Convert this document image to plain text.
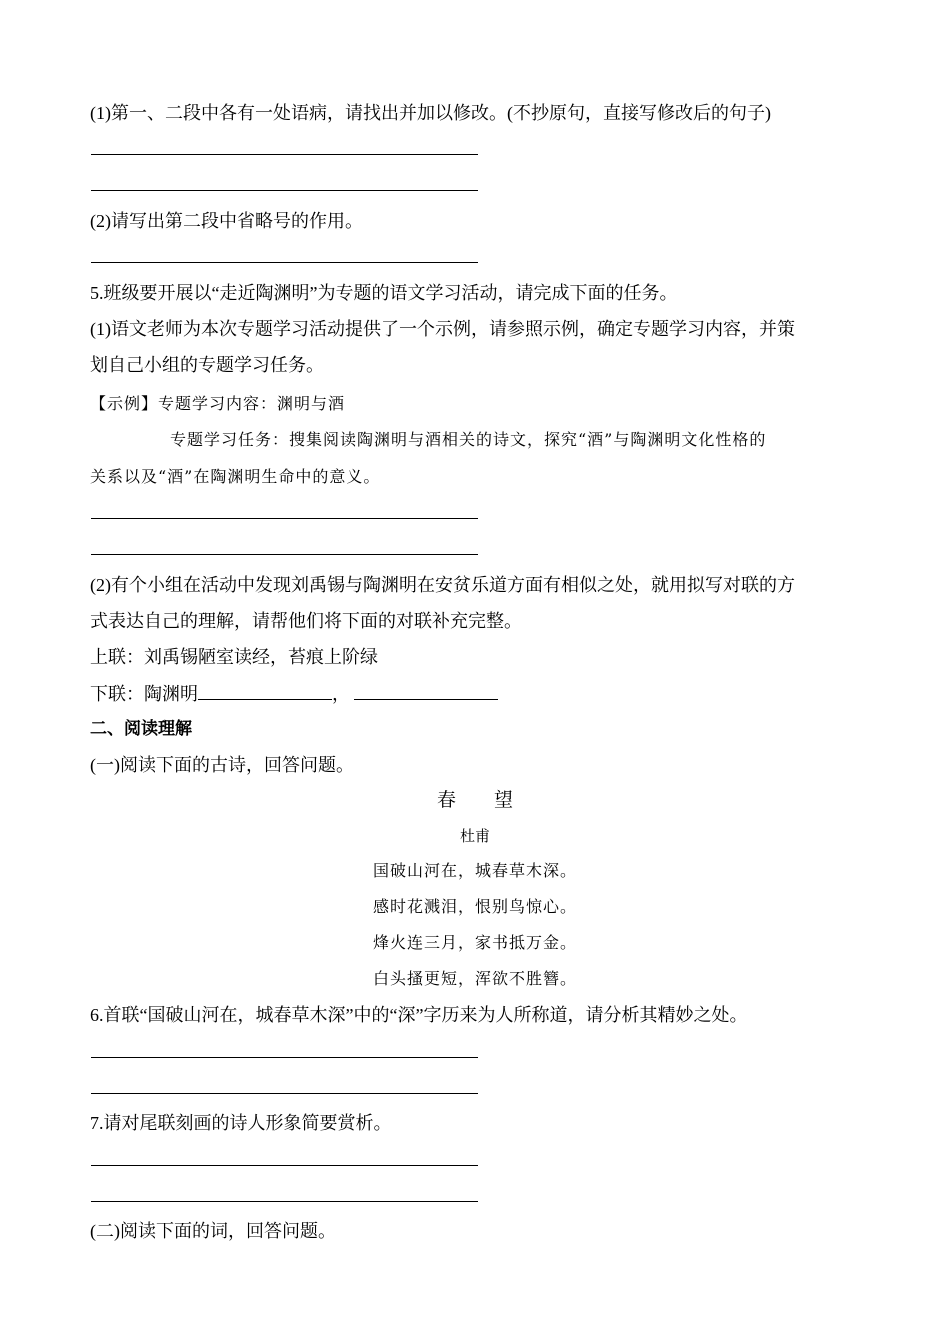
(1)第一、二段中各有一处语病，请找出并加以修改。(不抄原句，直接写修改后的句子)
(2)请写出第二段中省略号的作用。
5.班级要开展以“走近陶渊明”为专题的语文学习活动，请完成下面的任务。
(1)语文老师为本次专题学习活动提供了一个示例，请参照示例，确定专题学习内容，并策
划自己小组的专题学习任务。
【示例】专题学习内容：渊明与酒
专题学习任务：搜集阅读陶渊明与酒相关的诗文，探究“酒”与陶渊明文化性格的
关系以及“酒”在陶渊明生命中的意义。
(2)有个小组在活动中发现刘禹锡与陶渊明在安贫乐道方面有相似之处，就用拟写对联的方
式表达自己的理解，请帮他们将下面的对联补充完整。
上联：刘禹锡陋室读经，苔痕上阶绿
下联：陶渊明	，
二、阅读理解
(一)阅读下面的古诗，回答问题。
春　　望
杜甫
国破山河在，城春草木深。
感时花溅泪，恨别鸟惊心。
烽火连三月，家书抵万金。
白头搔更短，浑欲不胜簪。
6.首联“国破山河在，城春草木深”中的“深”字历来为人所称道，请分析其精妙之处。
7.请对尾联刻画的诗人形象简要赏析。
(二)阅读下面的词，回答问题。
